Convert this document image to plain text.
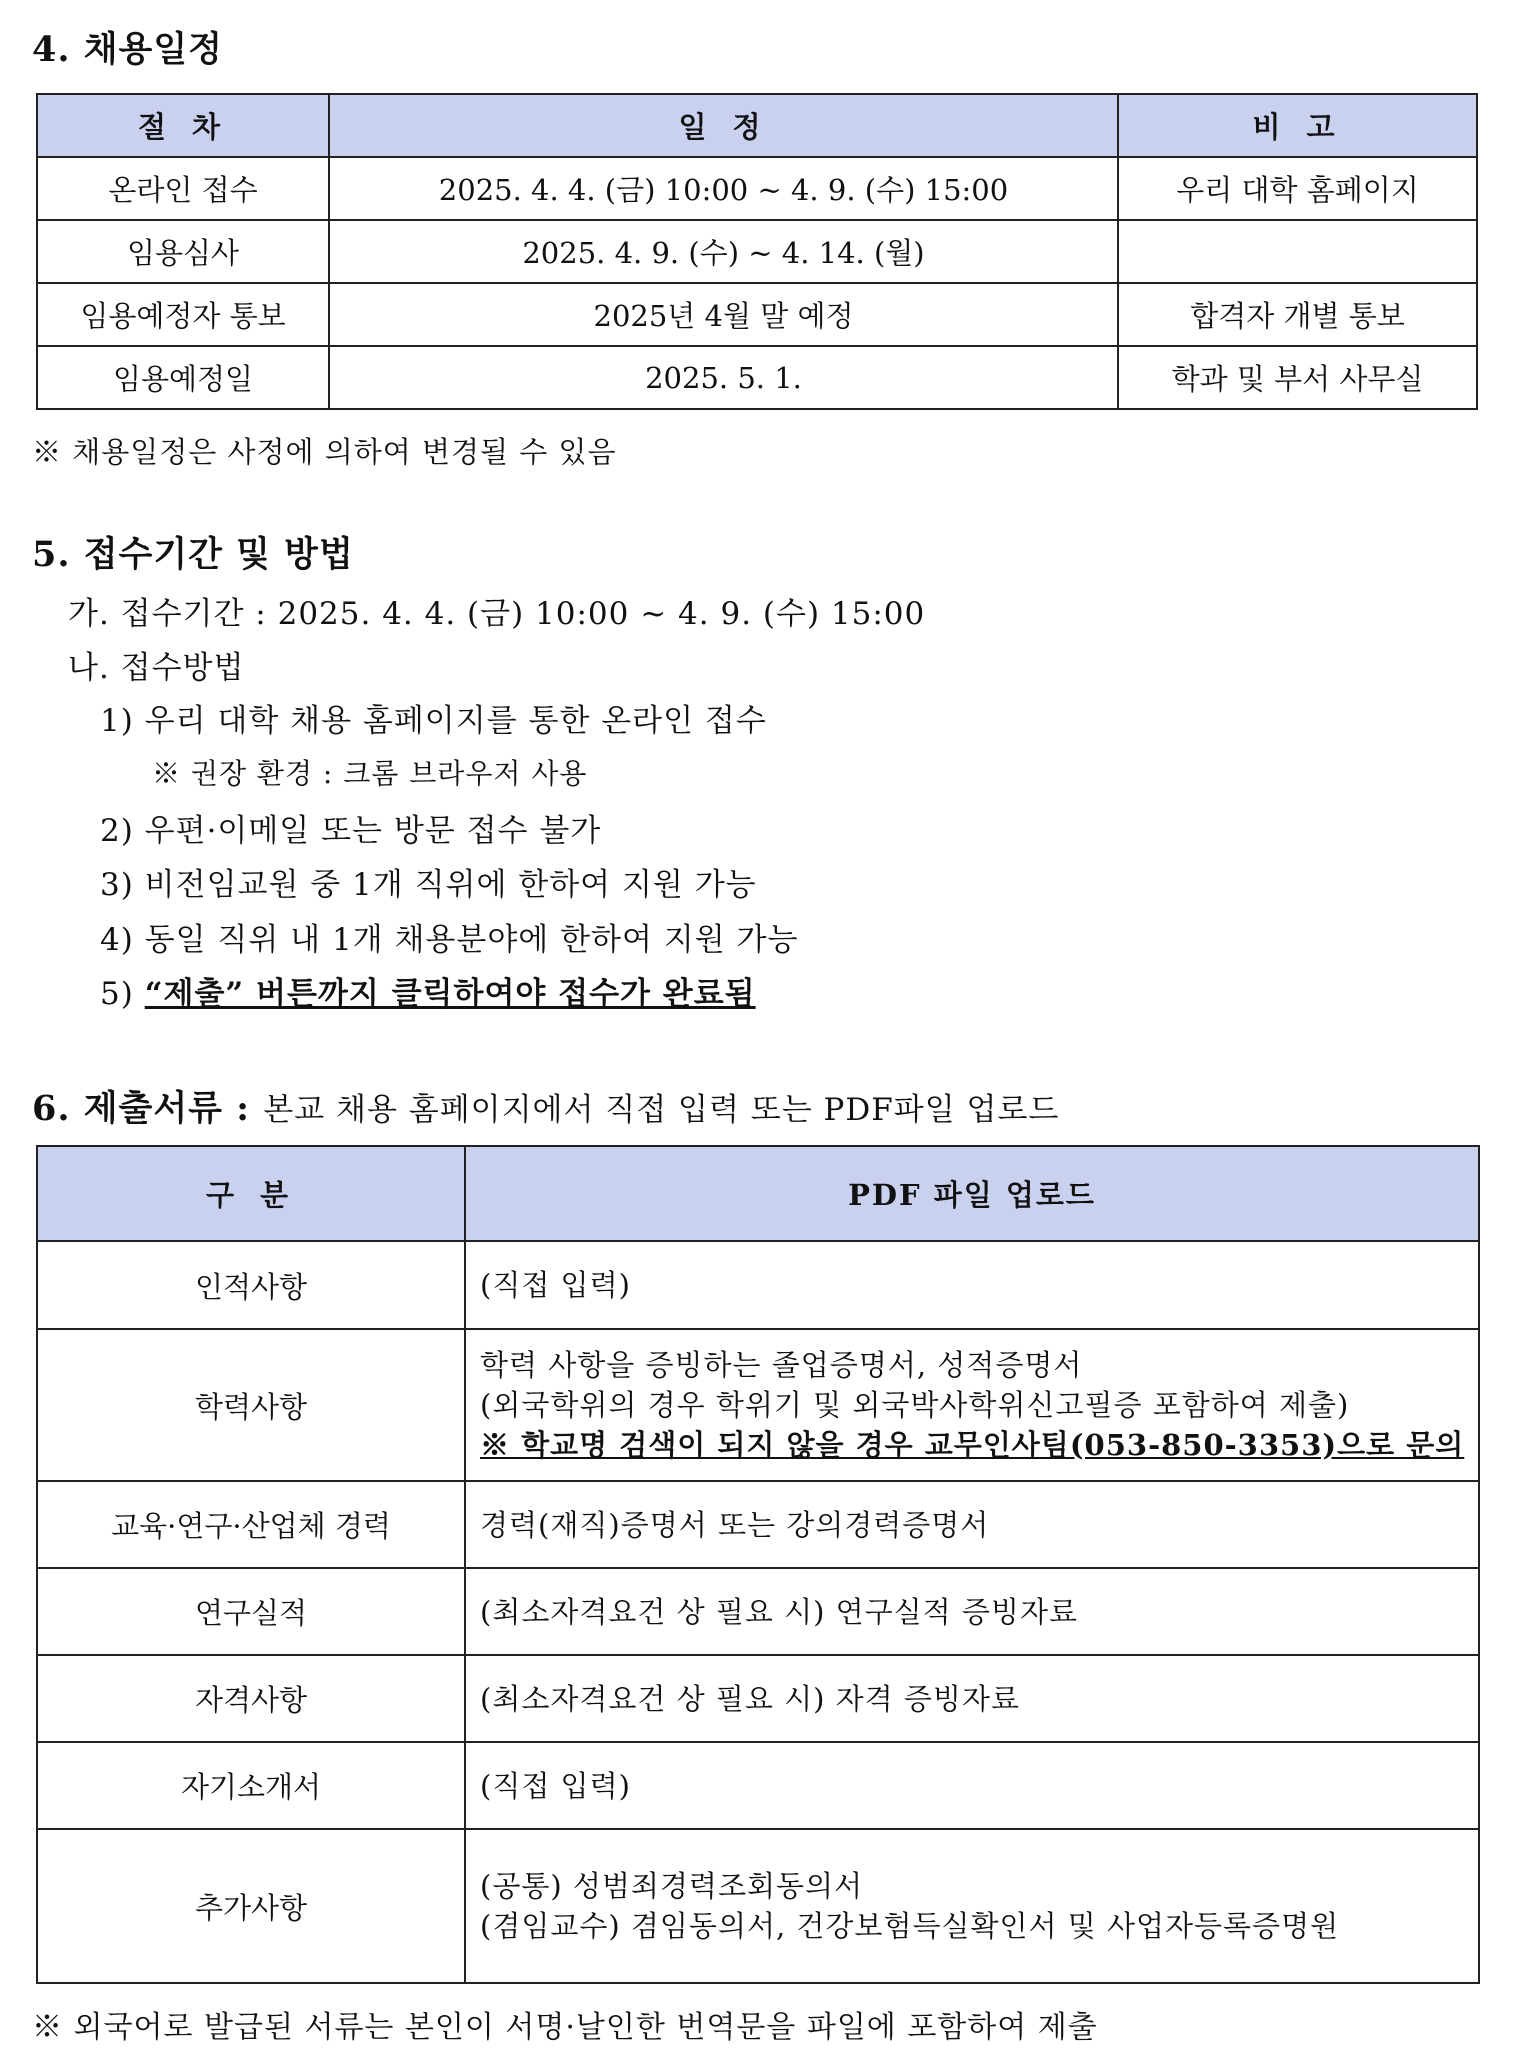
4. 채용일정
절 차	일 정	비 고
온라인 접수	2025. 4. 4. (금) 10:00 ~ 4. 9. (수) 15:00	우리 대학 홈페이지
임용심사	2025. 4. 9. (수) ~ 4. 14. (월)	
임용예정자 통보	2025년 4월 말 예정	합격자 개별 통보
임용예정일	2025. 5. 1.	학과 및 부서 사무실
※ 채용일정은 사정에 의하여 변경될 수 있음
5. 접수기간 및 방법
가. 접수기간 : 2025. 4. 4. (금) 10:00 ~ 4. 9. (수) 15:00
나. 접수방법
1) 우리 대학 채용 홈페이지를 통한 온라인 접수
※ 권장 환경 : 크롬 브라우저 사용
2) 우편·이메일 또는 방문 접수 불가
3) 비전임교원 중 1개 직위에 한하여 지원 가능
4) 동일 직위 내 1개 채용분야에 한하여 지원 가능
5) “제출” 버튼까지 클릭하여야 접수가 완료됨
6. 제출서류 : 본교 채용 홈페이지에서 직접 입력 또는 PDF파일 업로드
구 분	PDF 파일 업로드
인적사항	(직접 입력)

학력사항	학력 사항을 증빙하는 졸업증명서, 성적증명서
(외국학위의 경우 학위기 및 외국박사학위신고필증 포함하여 제출)
※ 학교명 검색이 되지 않을 경우 교무인사팀(053-850-3353)으로 문의

교육·연구·산업체 경력	경력(재직)증명서 또는 강의경력증명서

연구실적	(최소자격요건 상 필요 시) 연구실적 증빙자료

자격사항	(최소자격요건 상 필요 시) 자격 증빙자료

자기소개서	(직접 입력)

추가사항	(공통) 성범죄경력조회동의서
(겸임교수) 겸임동의서, 건강보험득실확인서 및 사업자등록증명원
※ 외국어로 발급된 서류는 본인이 서명·날인한 번역문을 파일에 포함하여 제출
